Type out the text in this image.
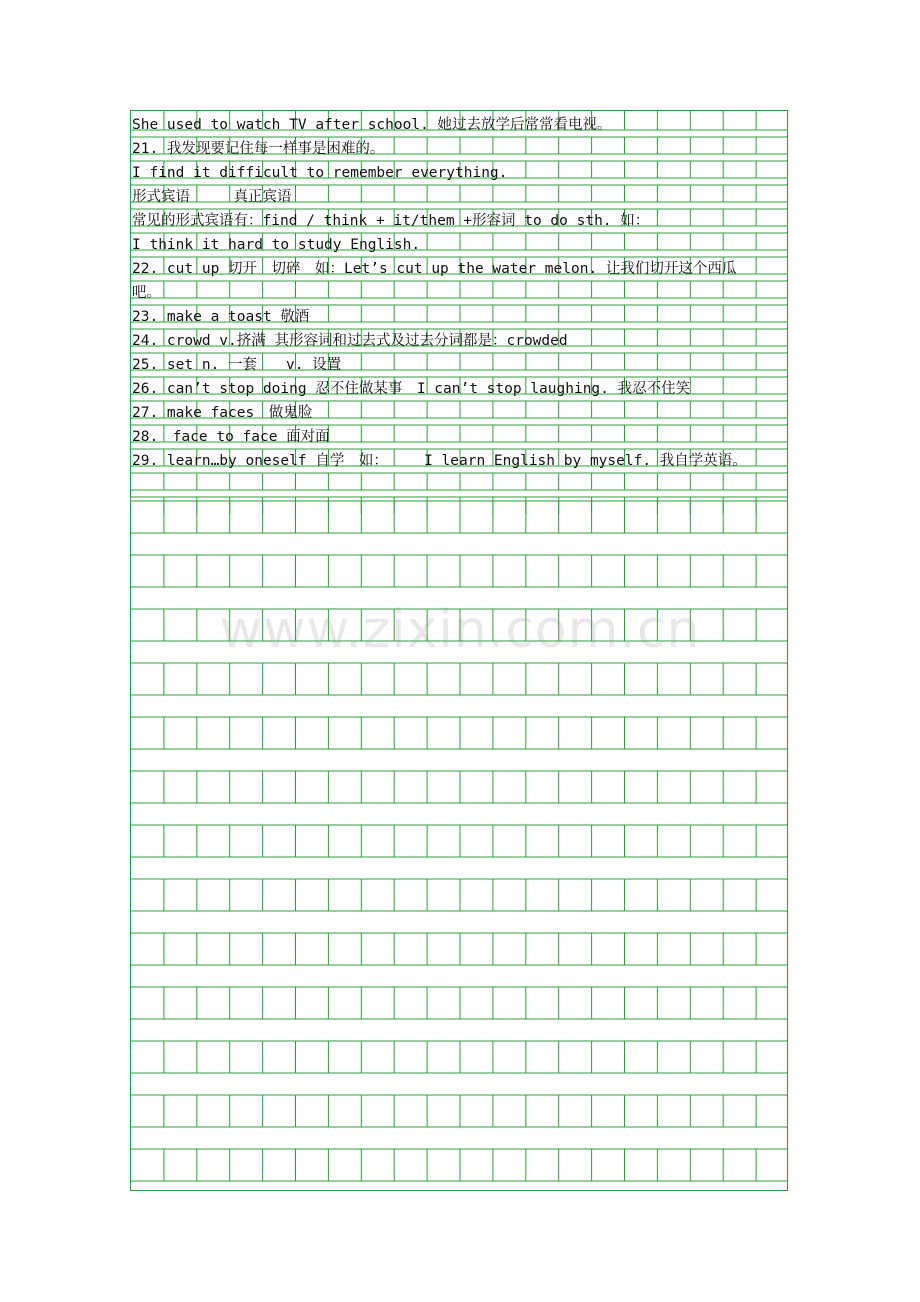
She used to watch TV after school. 她过去放学后常常看电视。
21. 我发现要记住每一样事是困难的。
I find it difficult to remember everything.
形式宾语　　　真正宾语
常见的形式宾语有：find / think + it/them +形容词 to do sth. 如：
I think it hard to study English.
22. cut up 切开　切碎　如：Let’s cut up the water melon. 让我们切开这个西瓜
吧。
23. make a toast 敬酒
24. crowd v.挤满 其形容词和过去式及过去分词都是：crowded
25. set n. 一套　　v. 设置
26. can’t stop doing 忍不住做某事　I can’t stop laughing. 我忍不住笑
27. make faces　做鬼脸
28.　face to face 面对面
29. learn…by oneself 自学　如：　　　I learn English by myself. 我自学英语。
www.zixin.com.cn
